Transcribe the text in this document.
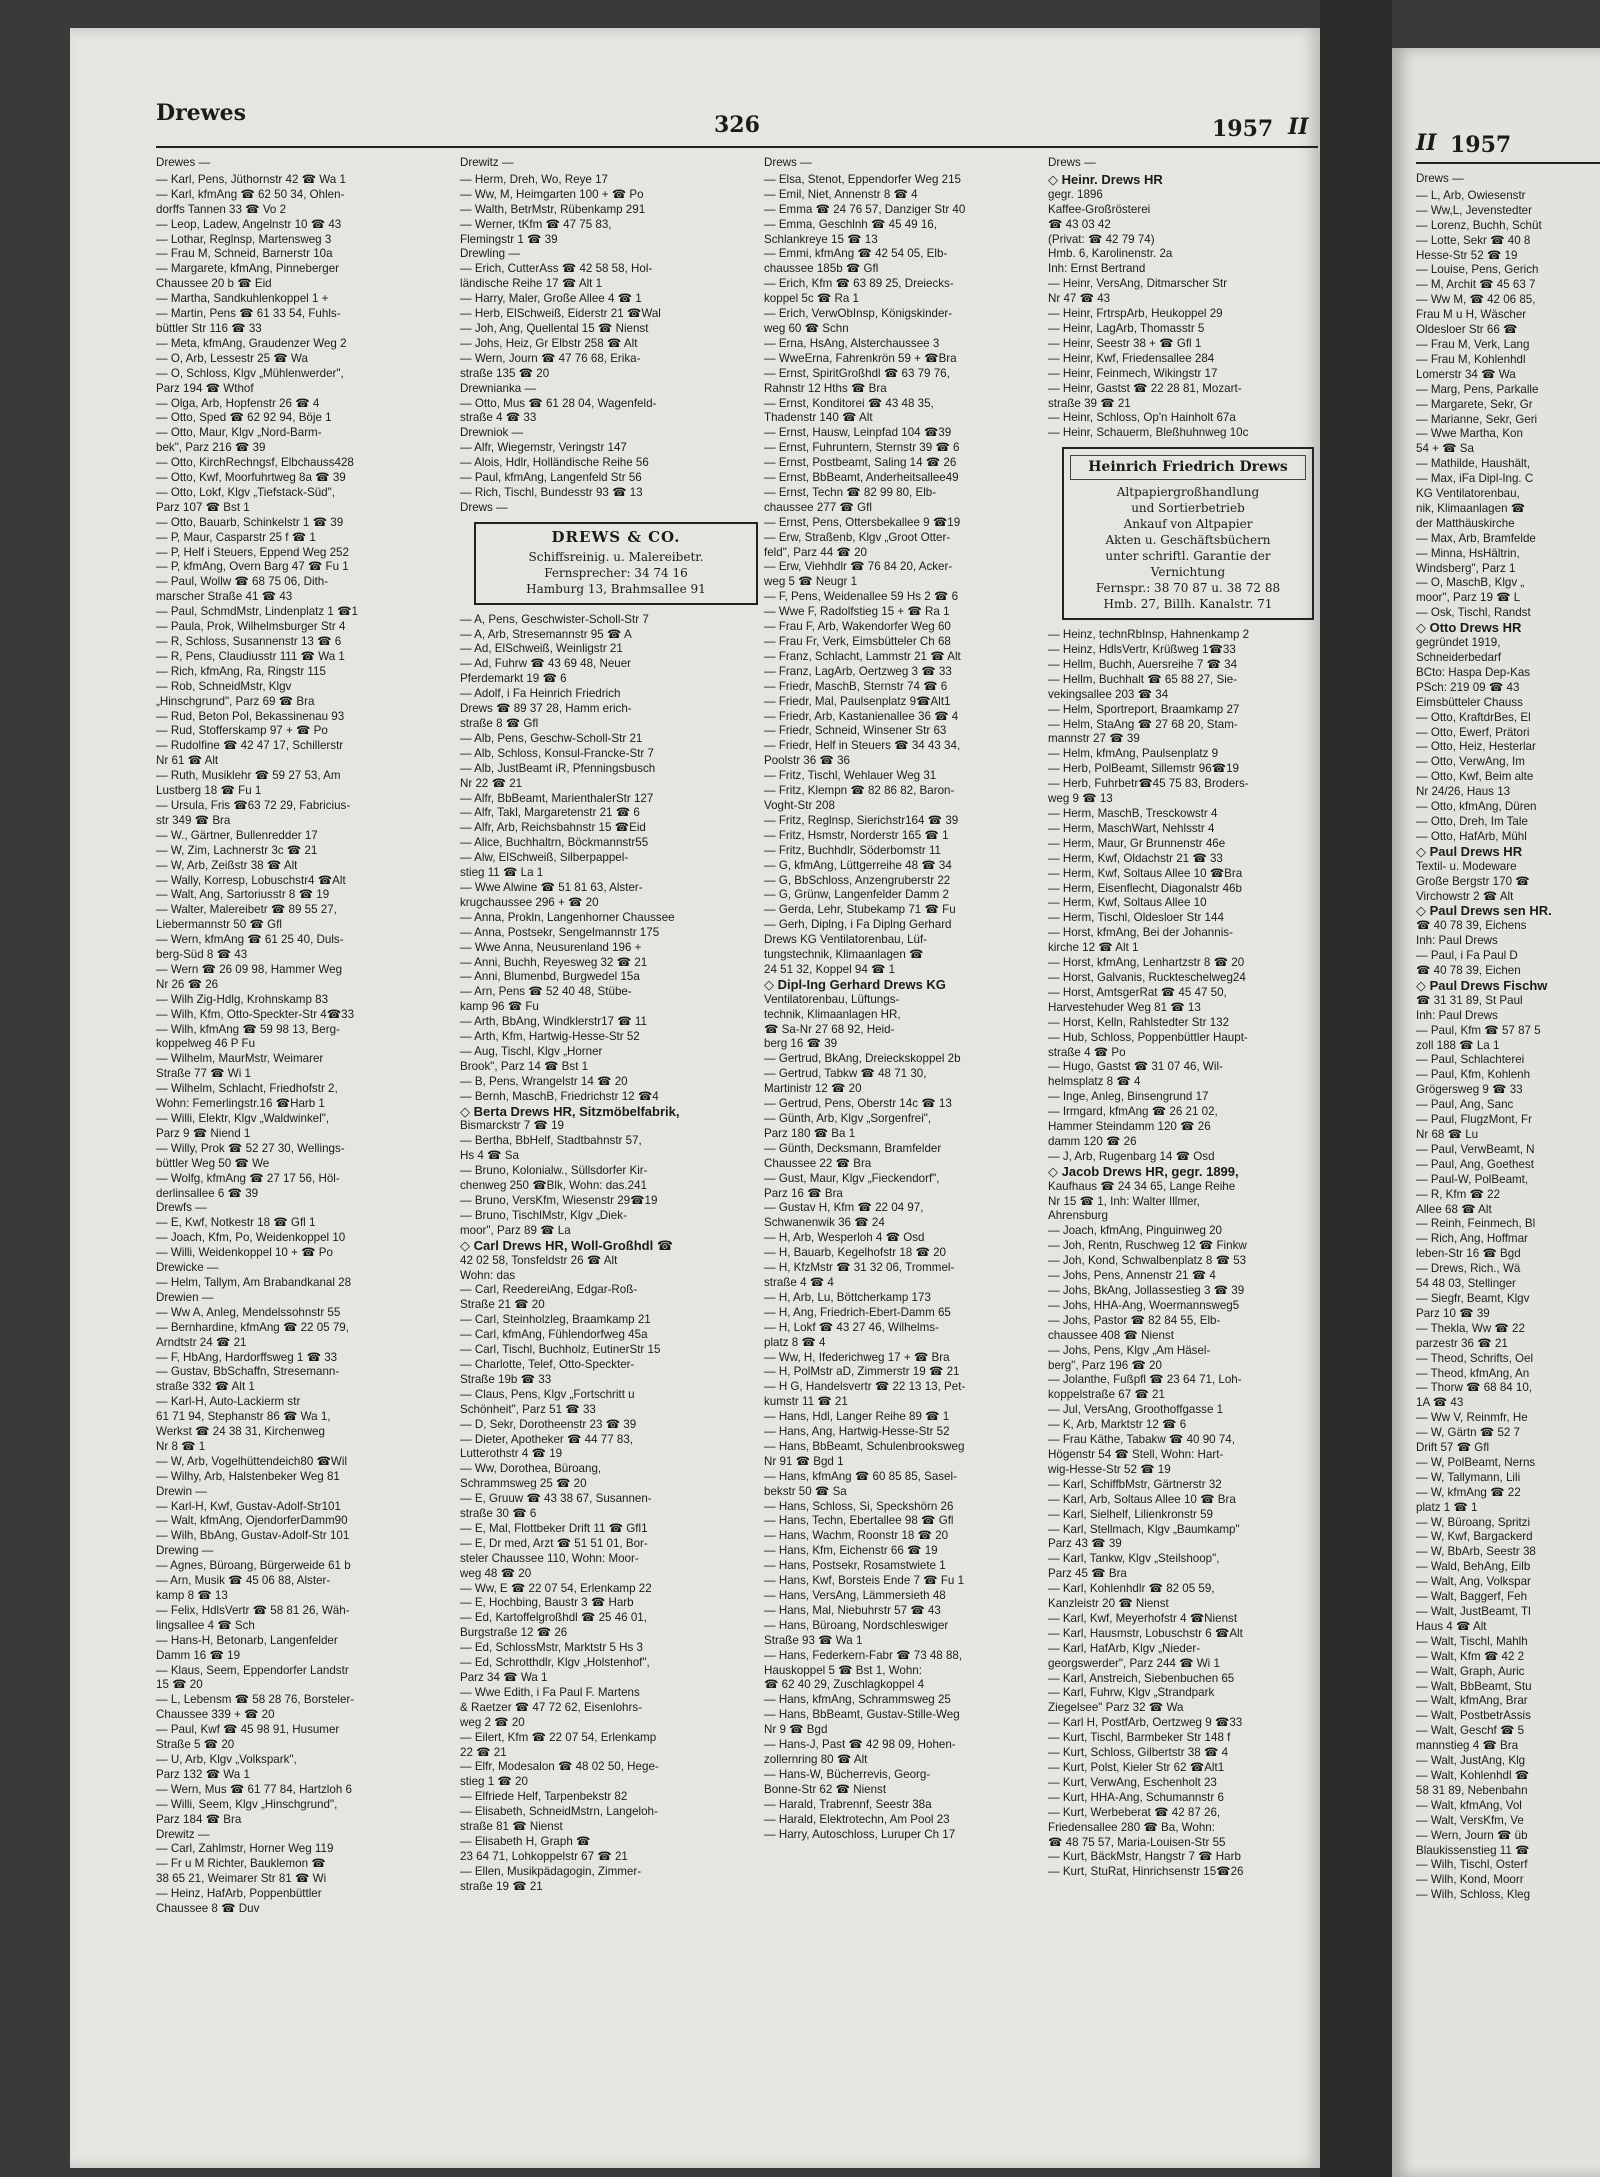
Drewes	326	1957 II
Drewes —
— Karl, Pens, Jüthornstr 42 ☎ Wa 1
— Karl, kfmAng ☎ 62 50 34, Ohlen-
dorffs Tannen 33 ☎ Vo 2
— Leop, Ladew, Angelnstr 10 ☎ 43
— Lothar, Reglnsp, Martensweg 3
— Frau M, Schneid, Barnerstr 10a
— Margarete, kfmAng, Pinneberger
Chaussee 20 b ☎ Eid
— Martha, Sandkuhlenkoppel 1 +
— Martin, Pens ☎ 61 33 54, Fuhls-
büttler Str 116 ☎ 33
— Meta, kfmAng, Graudenzer Weg 2
— O, Arb, Lessestr 25 ☎ Wa
— O, Schloss, Klgv „Mühlenwerder",
Parz 194 ☎ Wthof
— Olga, Arb, Hopfenstr 26 ☎ 4
— Otto, Sped ☎ 62 92 94, Böje 1
— Otto, Maur, Klgv „Nord-Barm-
bek", Parz 216 ☎ 39
— Otto, KirchRechngsf, Elbchauss428
— Otto, Kwf, Moorfuhrtweg 8a ☎ 39
— Otto, Lokf, Klgv „Tiefstack-Süd",
Parz 107 ☎ Bst 1
— Otto, Bauarb, Schinkelstr 1 ☎ 39
— P, Maur, Casparstr 25 f ☎ 1
— P, Helf i Steuers, Eppend Weg 252
— P, kfmAng, Overn Barg 47 ☎ Fu 1
— Paul, Wollw ☎ 68 75 06, Dith-
marscher Straße 41 ☎ 43
— Paul, SchmdMstr, Lindenplatz 1 ☎1
— Paula, Prok, Wilhelmsburger Str 4
— R, Schloss, Susannenstr 13 ☎ 6
— R, Pens, Claudiusstr 111 ☎ Wa 1
— Rich, kfmAng, Ra, Ringstr 115
— Rob, SchneidMstr, Klgv
„Hinschgrund", Parz 69 ☎ Bra
— Rud, Beton Pol, Bekassinenau 93
— Rud, Stofferskamp 97 + ☎ Po
— Rudolfine ☎ 42 47 17, Schillerstr
Nr 61 ☎ Alt
— Ruth, Musiklehr ☎ 59 27 53, Am
Lustberg 18 ☎ Fu 1
— Ursula, Fris ☎63 72 29, Fabricius-
str 349 ☎ Bra
— W., Gärtner, Bullenredder 17
— W, Zim, Lachnerstr 3c ☎ 21
— W, Arb, Zeißstr 38 ☎ Alt
— Wally, Korresp, Lobuschstr4 ☎Alt
— Walt, Ang, Sartoriusstr 8 ☎ 19
— Walter, Malereibetr ☎ 89 55 27,
Liebermannstr 50 ☎ Gfl
— Wern, kfmAng ☎ 61 25 40, Duls-
berg-Süd 8 ☎ 43
— Wern ☎ 26 09 98, Hammer Weg
Nr 26 ☎ 26
— Wilh Zig-Hdlg, Krohnskamp 83
— Wilh, Kfm, Otto-Speckter-Str 4☎33
— Wilh, kfmAng ☎ 59 98 13, Berg-
koppelweg 46 P Fu
— Wilhelm, MaurMstr, Weimarer
Straße 77 ☎ Wi 1
— Wilhelm, Schlacht, Friedhofstr 2,
Wohn: Femerlingstr.16 ☎Harb 1
— Willi, Elektr, Klgv „Waldwinkel",
Parz 9 ☎ Niend 1
— Willy, Prok ☎ 52 27 30, Wellings-
büttler Weg 50 ☎ We
— Wolfg, kfmAng ☎ 27 17 56, Höl-
derlinsallee 6 ☎ 39
Drewfs —
— E, Kwf, Notkestr 18 ☎ Gfl 1
— Joach, Kfm, Po, Weidenkoppel 10
— Willi, Weidenkoppel 10 + ☎ Po
Drewicke —
— Helm, Tallym, Am Brabandkanal 28
Drewien —
— Ww A, Anleg, Mendelssohnstr 55
— Bernhardine, kfmAng ☎ 22 05 79,
Arndtstr 24 ☎ 21
— F, HbAng, Hardorffsweg 1 ☎ 33
— Gustav, BbSchaffn, Stresemann-
straße 332 ☎ Alt 1
— Karl-H, Auto-Lackierm str
61 71 94, Stephanstr 86 ☎ Wa 1,
Werkst ☎ 24 38 31, Kirchenweg
Nr 8 ☎ 1
— W, Arb, Vogelhüttendeich80 ☎Wil
— Wilhy, Arb, Halstenbeker Weg 81
Drewin —
— Karl-H, Kwf, Gustav-Adolf-Str101
— Walt, kfmAng, OjendorferDamm90
— Wilh, BbAng, Gustav-Adolf-Str 101
Drewing —
— Agnes, Büroang, Bürgerweide 61 b
— Arn, Musik ☎ 45 06 88, Alster-
kamp 8 ☎ 13
— Felix, HdlsVertr ☎ 58 81 26, Wäh-
lingsallee 4 ☎ Sch
— Hans-H, Betonarb, Langenfelder
Damm 16 ☎ 19
— Klaus, Seem, Eppendorfer Landstr
15 ☎ 20
— L, Lebensm ☎ 58 28 76, Borsteler-
Chaussee 339 + ☎ 20
— Paul, Kwf ☎ 45 98 91, Husumer
Straße 5 ☎ 20
— U, Arb, Klgv „Volkspark",
Parz 132 ☎ Wa 1
— Wern, Mus ☎ 61 77 84, Hartzloh 6
— Willi, Seem, Klgv „Hinschgrund",
Parz 184 ☎ Bra
Drewitz —
— Carl, Zahlmstr, Horner Weg 119
— Fr u M Richter, Bauklemon ☎
38 65 21, Weimarer Str 81 ☎ Wi
— Heinz, HafArb, Poppenbüttler
Chaussee 8 ☎ Duv
Drewitz —
— Herm, Dreh, Wo, Reye 17
— Ww, M, Heimgarten 100 + ☎ Po
— Walth, BetrMstr, Rübenkamp 291
— Werner, tKfm ☎ 47 75 83,
Flemingstr 1 ☎ 39
Drewling —
— Erich, CutterAss ☎ 42 58 58, Hol-
ländische Reihe 17 ☎ Alt 1
— Harry, Maler, Große Allee 4 ☎ 1
— Herb, ElSchweiß, Eiderstr 21 ☎Wal
— Joh, Ang, Quellental 15 ☎ Nienst
— Johs, Heiz, Gr Elbstr 258 ☎ Alt
— Wern, Journ ☎ 47 76 68, Erika-
straße 135 ☎ 20
Drewnianka —
— Otto, Mus ☎ 61 28 04, Wagenfeld-
straße 4 ☎ 33
Drewniok —
— Alfr, Wiegemstr, Veringstr 147
— Alois, Hdlr, Holländische Reihe 56
— Paul, kfmAng, Langenfeld Str 56
— Rich, Tischl, Bundesstr 93 ☎ 13
Drews —
DREWS & CO.
Schiffsreinig. u. Malereibetr.
Fernsprecher: 34 74 16
Hamburg 13, Brahmsallee 91
— A, Pens, Geschwister-Scholl-Str 7
— A, Arb, Stresemannstr 95 ☎ A
— Ad, ElSchweiß, Weinligstr 21
— Ad, Fuhrw ☎ 43 69 48, Neuer
Pferdemarkt 19 ☎ 6
— Adolf, i Fa Heinrich Friedrich
Drews ☎ 89 37 28, Hamm erich-
straße 8 ☎ Gfl
— Alb, Pens, Geschw-Scholl-Str 21
— Alb, Schloss, Konsul-Francke-Str 7
— Alb, JustBeamt iR, Pfenningsbusch
Nr 22 ☎ 21
— Alfr, BbBeamt, MarienthalerStr 127
— Alfr, Takl, Margaretenstr 21 ☎ 6
— Alfr, Arb, Reichsbahnstr 15 ☎Eid
— Alice, Buchhaltrn, Böckmannstr55
— Alw, ElSchweiß, Silberpappel-
stieg 11 ☎ La 1
— Wwe Alwine ☎ 51 81 63, Alster-
krugchaussee 296 + ☎ 20
— Anna, Prokln, Langenhorner Chaussee
— Anna, Postsekr, Sengelmannstr 175
— Wwe Anna, Neusurenland 196 +
— Anni, Buchh, Reyesweg 32 ☎ 21
— Anni, Blumenbd, Burgwedel 15a
— Arn, Pens ☎ 52 40 48, Stübe-
kamp 96 ☎ Fu
— Arth, BbAng, Windklerstr17 ☎ 11
— Arth, Kfm, Hartwig-Hesse-Str 52
— Aug, Tischl, Klgv „Horner
Brook", Parz 14 ☎ Bst 1
— B, Pens, Wrangelstr 14 ☎ 20
— Bernh, MaschB, Friedrichstr 12 ☎4
◇ Berta Drews HR, Sitzmöbelfabrik,
Bismarckstr 7 ☎ 19
— Bertha, BbHelf, Stadtbahnstr 57,
Hs 4 ☎ Sa
— Bruno, Kolonialw., Süllsdorfer Kir-
chenweg 250 ☎Blk, Wohn: das.241
— Bruno, VersKfm, Wiesenstr 29☎19
— Bruno, TischlMstr, Klgv „Diek-
moor", Parz 89 ☎ La
◇ Carl Drews HR, Woll-Großhdl ☎
42 02 58, Tonsfeldstr 26 ☎ Alt
Wohn: das
— Carl, ReedereiAng, Edgar-Roß-
Straße 21 ☎ 20
— Carl, Steinholzleg, Braamkamp 21
— Carl, kfmAng, Fühlendorfweg 45a
— Carl, Tischl, Buchholz, EutinerStr 15
— Charlotte, Telef, Otto-Speckter-
Straße 19b ☎ 33
— Claus, Pens, Klgv „Fortschritt u
Schönheit", Parz 51 ☎ 33
— D, Sekr, Dorotheenstr 23 ☎ 39
— Dieter, Apotheker ☎ 44 77 83,
Lutterothstr 4 ☎ 19
— Ww, Dorothea, Büroang,
Schrammsweg 25 ☎ 20
— E, Gruuw ☎ 43 38 67, Susannen-
straße 30 ☎ 6
— E, Mal, Flottbeker Drift 11 ☎ Gfl1
— E, Dr med, Arzt ☎ 51 51 01, Bor-
steler Chaussee 110, Wohn: Moor-
weg 48 ☎ 20
— Ww, E ☎ 22 07 54, Erlenkamp 22
— E, Hochbing, Baustr 3 ☎ Harb
— Ed, Kartoffelgroßhdl ☎ 25 46 01,
Burgstraße 12 ☎ 26
— Ed, SchlossMstr, Marktstr 5 Hs 3
— Ed, Schrotthdlr, Klgv „Holstenhof",
Parz 34 ☎ Wa 1
— Wwe Edith, i Fa Paul F. Martens
& Raetzer ☎ 47 72 62, Eisenlohrs-
weg 2 ☎ 20
— Eilert, Kfm ☎ 22 07 54, Erlenkamp
22 ☎ 21
— Elfr, Modesalon ☎ 48 02 50, Hege-
stieg 1 ☎ 20
— Elfriede Helf, Tarpenbekstr 82
— Elisabeth, SchneidMstrn, Langeloh-
straße 81 ☎ Nienst
— Elisabeth H, Graph ☎
23 64 71, Lohkoppelstr 67 ☎ 21
— Ellen, Musikpädagogin, Zimmer-
straße 19 ☎ 21
Drews —
— Elsa, Stenot, Eppendorfer Weg 215
— Emil, Niet, Annenstr 8 ☎ 4
— Emma ☎ 24 76 57, Danziger Str 40
— Emma, Geschlnh ☎ 45 49 16,
Schlankreye 15 ☎ 13
— Emmi, kfmAng ☎ 42 54 05, Elb-
chaussee 185b ☎ Gfl
— Erich, Kfm ☎ 63 89 25, Dreiecks-
koppel 5c ☎ Ra 1
— Erich, VerwObInsp, Königskinder-
weg 60 ☎ Schn
— Erna, HsAng, Alsterchaussee 3
— WweErna, Fahrenkrön 59 + ☎Bra
— Ernst, SpiritGroßhdl ☎ 63 79 76,
Rahnstr 12 Hths ☎ Bra
— Ernst, Konditorei ☎ 43 48 35,
Thadenstr 140 ☎ Alt
— Ernst, Hausw, Leinpfad 104 ☎39
— Ernst, Fuhruntern, Sternstr 39 ☎ 6
— Ernst, Postbeamt, Saling 14 ☎ 26
— Ernst, BbBeamt, Anderheitsallee49
— Ernst, Techn ☎ 82 99 80, Elb-
chaussee 277 ☎ Gfl
— Ernst, Pens, Ottersbekallee 9 ☎19
— Erw, Straßenb, Klgv „Groot Otter-
feld", Parz 44 ☎ 20
— Erw, Viehhdlr ☎ 76 84 20, Acker-
weg 5 ☎ Neugr 1
— F, Pens, Weidenallee 59 Hs 2 ☎ 6
— Wwe F, Radolfstieg 15 + ☎ Ra 1
— Frau F, Arb, Wakendorfer Weg 60
— Frau Fr, Verk, Eimsbütteler Ch 68
— Franz, Schlacht, Lammstr 21 ☎ Alt
— Franz, LagArb, Oertzweg 3 ☎ 33
— Friedr, MaschB, Sternstr 74 ☎ 6
— Friedr, Mal, Paulsenplatz 9☎Alt1
— Friedr, Arb, Kastanienallee 36 ☎ 4
— Friedr, Schneid, Winsener Str 63
— Friedr, Helf in Steuers ☎ 34 43 34,
Poolstr 36 ☎ 36
— Fritz, Tischl, Wehlauer Weg 31
— Fritz, Klempn ☎ 82 86 82, Baron-
Voght-Str 208
— Fritz, Reglnsp, Sierichstr164 ☎ 39
— Fritz, Hsmstr, Norderstr 165 ☎ 1
— Fritz, Buchhdlr, Söderbomstr 11
— G, kfmAng, Lüttgerreihe 48 ☎ 34
— G, BbSchloss, Anzengruberstr 22
— G, Grünw, Langenfelder Damm 2
— Gerda, Lehr, Stubekamp 71 ☎ Fu
— Gerh, Diplng, i Fa Diplng Gerhard
Drews KG Ventilatorenbau, Lüf-
tungstechnik, Klimaanlagen ☎
24 51 32, Koppel 94 ☎ 1
◇ Dipl-Ing Gerhard Drews KG
Ventilatorenbau, Lüftungs-
technik, Klimaanlagen HR,
☎ Sa-Nr 27 68 92, Heid-
berg 16 ☎ 39
— Gertrud, BkAng, Dreieckskoppel 2b
— Gertrud, Tabkw ☎ 48 71 30,
Martinistr 12 ☎ 20
— Gertrud, Pens, Oberstr 14c ☎ 13
— Günth, Arb, Klgv „Sorgenfrei",
Parz 180 ☎ Ba 1
— Günth, Decksmann, Bramfelder
Chaussee 22 ☎ Bra
— Gust, Maur, Klgv „Fieckendorf",
Parz 16 ☎ Bra
— Gustav H, Kfm ☎ 22 04 97,
Schwanenwik 36 ☎ 24
— H, Arb, Wesperloh 4 ☎ Osd
— H, Bauarb, Kegelhofstr 18 ☎ 20
— H, KfzMstr ☎ 31 32 06, Trommel-
straße 4 ☎ 4
— H, Arb, Lu, Böttcherkamp 173
— H, Ang, Friedrich-Ebert-Damm 65
— H, Lokf ☎ 43 27 46, Wilhelms-
platz 8 ☎ 4
— Ww, H, Ifederichweg 17 + ☎ Bra
— H, PolMstr aD, Zimmerstr 19 ☎ 21
— H G, Handelsvertr ☎ 22 13 13, Pet-
kumstr 11 ☎ 21
— Hans, Hdl, Langer Reihe 89 ☎ 1
— Hans, Ang, Hartwig-Hesse-Str 52
— Hans, BbBeamt, Schulenbrooksweg
Nr 91 ☎ Bgd 1
— Hans, kfmAng ☎ 60 85 85, Sasel-
bekstr 50 ☎ Sa
— Hans, Schloss, Si, Speckshörn 26
— Hans, Techn, Ebertallee 98 ☎ Gfl
— Hans, Wachm, Roonstr 18 ☎ 20
— Hans, Kfm, Eichenstr 66 ☎ 19
— Hans, Postsekr, Rosamstwiete 1
— Hans, Kwf, Borsteis Ende 7 ☎ Fu 1
— Hans, VersAng, Lämmersieth 48
— Hans, Mal, Niebuhrstr 57 ☎ 43
— Hans, Büroang, Nordschleswiger
Straße 93 ☎ Wa 1
— Hans, Federkern-Fabr ☎ 73 48 88,
Hauskoppel 5 ☎ Bst 1, Wohn:
☎ 62 40 29, Zuschlagkoppel 4
— Hans, kfmAng, Schrammsweg 25
— Hans, BbBeamt, Gustav-Stille-Weg
Nr 9 ☎ Bgd
— Hans-J, Past ☎ 42 98 09, Hohen-
zollernring 80 ☎ Alt
— Hans-W, Bücherrevis, Georg-
Bonne-Str 62 ☎ Nienst
— Harald, Trabrennf, Seestr 38a
— Harald, Elektrotechn, Am Pool 23
— Harry, Autoschloss, Luruper Ch 17
Drews —
◇ Heinr. Drews HR
gegr. 1896
Kaffee-Großrösterei
☎ 43 03 42
(Privat: ☎ 42 79 74)
Hmb. 6, Karolinenstr. 2a
Inh: Ernst Bertrand
— Heinr, VersAng, Ditmarscher Str
Nr 47 ☎ 43
— Heinr, FrtrspArb, Heukoppel 29
— Heinr, LagArb, Thomasstr 5
— Heinr, Seestr 38 + ☎ Gfl 1
— Heinr, Kwf, Friedensallee 284
— Heinr, Feinmech, Wikingstr 17
— Heinr, Gastst ☎ 22 28 81, Mozart-
straße 39 ☎ 21
— Heinr, Schloss, Op'n Hainholt 67a
— Heinr, Schauerm, Bleßhuhnweg 10c
Heinrich Friedrich Drews
Altpapiergroßhandlung
und Sortierbetrieb
Ankauf von Altpapier
Akten u. Geschäftsbüchern
unter schriftl. Garantie der
Vernichtung
Fernspr.: 38 70 87 u. 38 72 88
Hmb. 27, Billh. Kanalstr. 71
— Heinz, technRbInsp, Hahnenkamp 2
— Heinz, HdlsVertr, Krüßweg 1☎33
— Hellm, Buchh, Auersreihe 7 ☎ 34
— Hellm, Buchhalt ☎ 65 88 27, Sie-
vekingsallee 203 ☎ 34
— Helm, Sportreport, Braamkamp 27
— Helm, StaAng ☎ 27 68 20, Stam-
mannstr 27 ☎ 39
— Helm, kfmAng, Paulsenplatz 9
— Herb, PolBeamt, Sillemstr 96☎19
— Herb, Fuhrbetr☎45 75 83, Broders-
weg 9 ☎ 13
— Herm, MaschB, Tresckowstr 4
— Herm, MaschWart, Nehlsstr 4
— Herm, Maur, Gr Brunnenstr 46e
— Herm, Kwf, Oldachstr 21 ☎ 33
— Herm, Kwf, Soltaus Allee 10 ☎Bra
— Herm, Eisenflecht, Diagonalstr 46b
— Herm, Kwf, Soltaus Allee 10
— Herm, Tischl, Oldesloer Str 144
— Horst, kfmAng, Bei der Johannis-
kirche 12 ☎ Alt 1
— Horst, kfmAng, Lenhartzstr 8 ☎ 20
— Horst, Galvanis, Ruckteschelweg24
— Horst, AmtsgerRat ☎ 45 47 50,
Harvestehuder Weg 81 ☎ 13
— Horst, Kelln, Rahlstedter Str 132
— Hub, Schloss, Poppenbüttler Haupt-
straße 4 ☎ Po
— Hugo, Gastst ☎ 31 07 46, Wil-
helmsplatz 8 ☎ 4
— Inge, Anleg, Binsengrund 17
— Irmgard, kfmAng ☎ 26 21 02,
Hammer Steindamm 120 ☎ 26
damm 120 ☎ 26
— J, Arb, Rugenbarg 14 ☎ Osd
◇ Jacob Drews HR, gegr. 1899,
Kaufhaus ☎ 24 34 65, Lange Reihe
Nr 15 ☎ 1, Inh: Walter Illmer,
Ahrensburg
— Joach, kfmAng, Pinguinweg 20
— Joh, Rentn, Ruschweg 12 ☎ Finkw
— Joh, Kond, Schwalbenplatz 8 ☎ 53
— Johs, Pens, Annenstr 21 ☎ 4
— Johs, BkAng, Jollassestieg 3 ☎ 39
— Johs, HHA-Ang, Woermannsweg5
— Johs, Pastor ☎ 82 84 55, Elb-
chaussee 408 ☎ Nienst
— Johs, Pens, Klgv „Am Häsel-
berg", Parz 196 ☎ 20
— Jolanthe, Fußpfl ☎ 23 64 71, Loh-
koppelstraße 67 ☎ 21
— Jul, VersAng, Groothoffgasse 1
— K, Arb, Marktstr 12 ☎ 6
— Frau Käthe, Tabakw ☎ 40 90 74,
Högenstr 54 ☎ Stell, Wohn: Hart-
wig-Hesse-Str 52 ☎ 19
— Karl, SchiffbMstr, Gärtnerstr 32
— Karl, Arb, Soltaus Allee 10 ☎ Bra
— Karl, Sielhelf, Lilienkronstr 59
— Karl, Stellmach, Klgv „Baumkamp"
Parz 43 ☎ 39
— Karl, Tankw, Klgv „Steilshoop",
Parz 45 ☎ Bra
— Karl, Kohlenhdlr ☎ 82 05 59,
Kanzleistr 20 ☎ Nienst
— Karl, Kwf, Meyerhofstr 4 ☎Nienst
— Karl, Hausmstr, Lobuschstr 6 ☎Alt
— Karl, HafArb, Klgv „Nieder-
georgswerder", Parz 244 ☎ Wi 1
— Karl, Anstreich, Siebenbuchen 65
— Karl, Fuhrw, Klgv „Strandpark
Ziegelsee" Parz 32 ☎ Wa
— Karl H, PostfArb, Oertzweg 9 ☎33
— Kurt, Tischl, Barmbeker Str 148 f
— Kurt, Schloss, Gilbertstr 38 ☎ 4
— Kurt, Polst, Kieler Str 62 ☎Alt1
— Kurt, VerwAng, Eschenholt 23
— Kurt, HHA-Ang, Schumannstr 6
— Kurt, Werbeberat ☎ 42 87 26,
Friedensallee 280 ☎ Ba, Wohn:
☎ 48 75 57, Maria-Louisen-Str 55
— Kurt, BäckMstr, Hangstr 7 ☎ Harb
— Kurt, StuRat, Hinrichsenstr 15☎26
II 1957
Drews —
— L, Arb, Owiesenstr
— Ww,L, Jevenstedter
— Lorenz, Buchh, Schüt
— Lotte, Sekr ☎ 40 8
Hesse-Str 52 ☎ 19
— Louise, Pens, Gerich
— M, Archit ☎ 45 63 7
— Ww M, ☎ 42 06 85,
Frau M u H, Wäscher
Oldesloer Str 66 ☎
— Frau M, Verk, Lang
— Frau M, Kohlenhdl
Lomerstr 34 ☎ Wa
— Marg, Pens, Parkalle
— Margarete, Sekr, Gr
— Marianne, Sekr, Geri
— Wwe Martha, Kon
54 + ☎ Sa
— Mathilde, Haushält,
— Max, iFa Dipl-Ing. C
KG Ventilatorenbau,
nik, Klimaanlagen ☎
der Matthäuskirche
— Max, Arb, Bramfelde
— Minna, HsHältrin,
Windsberg", Parz 1
— O, MaschB, Klgv „
moor", Parz 19 ☎ L
— Osk, Tischl, Randst
◇ Otto Drews HR
gegründet 1919,
Schneiderbedarf
BCto: Haspa Dep-Kas
PSch: 219 09 ☎ 43
Eimsbütteler Chauss
— Otto, KraftdrBes, El
— Otto, Ewerf, Prätori
— Otto, Heiz, Hesterlar
— Otto, VerwAng, Im
— Otto, Kwf, Beim alte
Nr 24/26, Haus 13
— Otto, kfmAng, Düren
— Otto, Dreh, Im Tale
— Otto, HafArb, Mühl
◇ Paul Drews HR
Textil- u. Modeware
Große Bergstr 170 ☎
Virchowstr 2 ☎ Alt
◇ Paul Drews sen HR.
☎ 40 78 39, Eichens
Inh: Paul Drews
— Paul, i Fa Paul D
☎ 40 78 39, Eichen
◇ Paul Drews Fischw
☎ 31 31 89, St Paul
Inh: Paul Drews
— Paul, Kfm ☎ 57 87 5
zoll 188 ☎ La 1
— Paul, Schlachterei
— Paul, Kfm, Kohlenh
Grögersweg 9 ☎ 33
— Paul, Ang, Sanc
— Paul, FlugzMont, Fr
Nr 68 ☎ Lu
— Paul, VerwBeamt, N
— Paul, Ang, Goethest
— Paul-W, PolBeamt,
— R, Kfm ☎ 22
Allee 68 ☎ Alt
— Reinh, Feinmech, Bl
— Rich, Ang, Hoffmar
leben-Str 16 ☎ Bgd
— Drews, Rich., Wä
54 48 03, Stellinger
— Siegfr, Beamt, Klgv
Parz 10 ☎ 39
— Thekla, Ww ☎ 22
parzestr 36 ☎ 21
— Theod, Schrifts, Oel
— Theod, kfmAng, An
— Thorw ☎ 68 84 10,
1A ☎ 43
— Ww V, Reinmfr, He
— W, Gärtn ☎ 52 7
Drift 57 ☎ Gfl
— W, PolBeamt, Nerns
— W, Tallymann, Lili
— W, kfmAng ☎ 22
platz 1 ☎ 1
— W, Büroang, Spritzi
— W, Kwf, Bargackerd
— W, BbArb, Seestr 38
— Wald, BehAng, Eilb
— Walt, Ang, Volkspar
— Walt, Baggerf, Feh
— Walt, JustBeamt, Tl
Haus 4 ☎ Alt
— Walt, Tischl, Mahlh
— Walt, Kfm ☎ 42 2
— Walt, Graph, Auric
— Walt, BbBeamt, Stu
— Walt, kfmAng, Brar
— Walt, PostbetrAssis
— Walt, Geschf ☎ 5
mannstieg 4 ☎ Bra
— Walt, JustAng, Klg
— Walt, Kohlenhdl ☎
58 31 89, Nebenbahn
— Walt, kfmAng, Vol
— Walt, VersKfm, Ve
— Wern, Journ ☎ üb
Blaukissenstieg 11 ☎
— Wilh, Tischl, Osterf
— Wilh, Kond, Moorr
— Wilh, Schloss, Kleg
